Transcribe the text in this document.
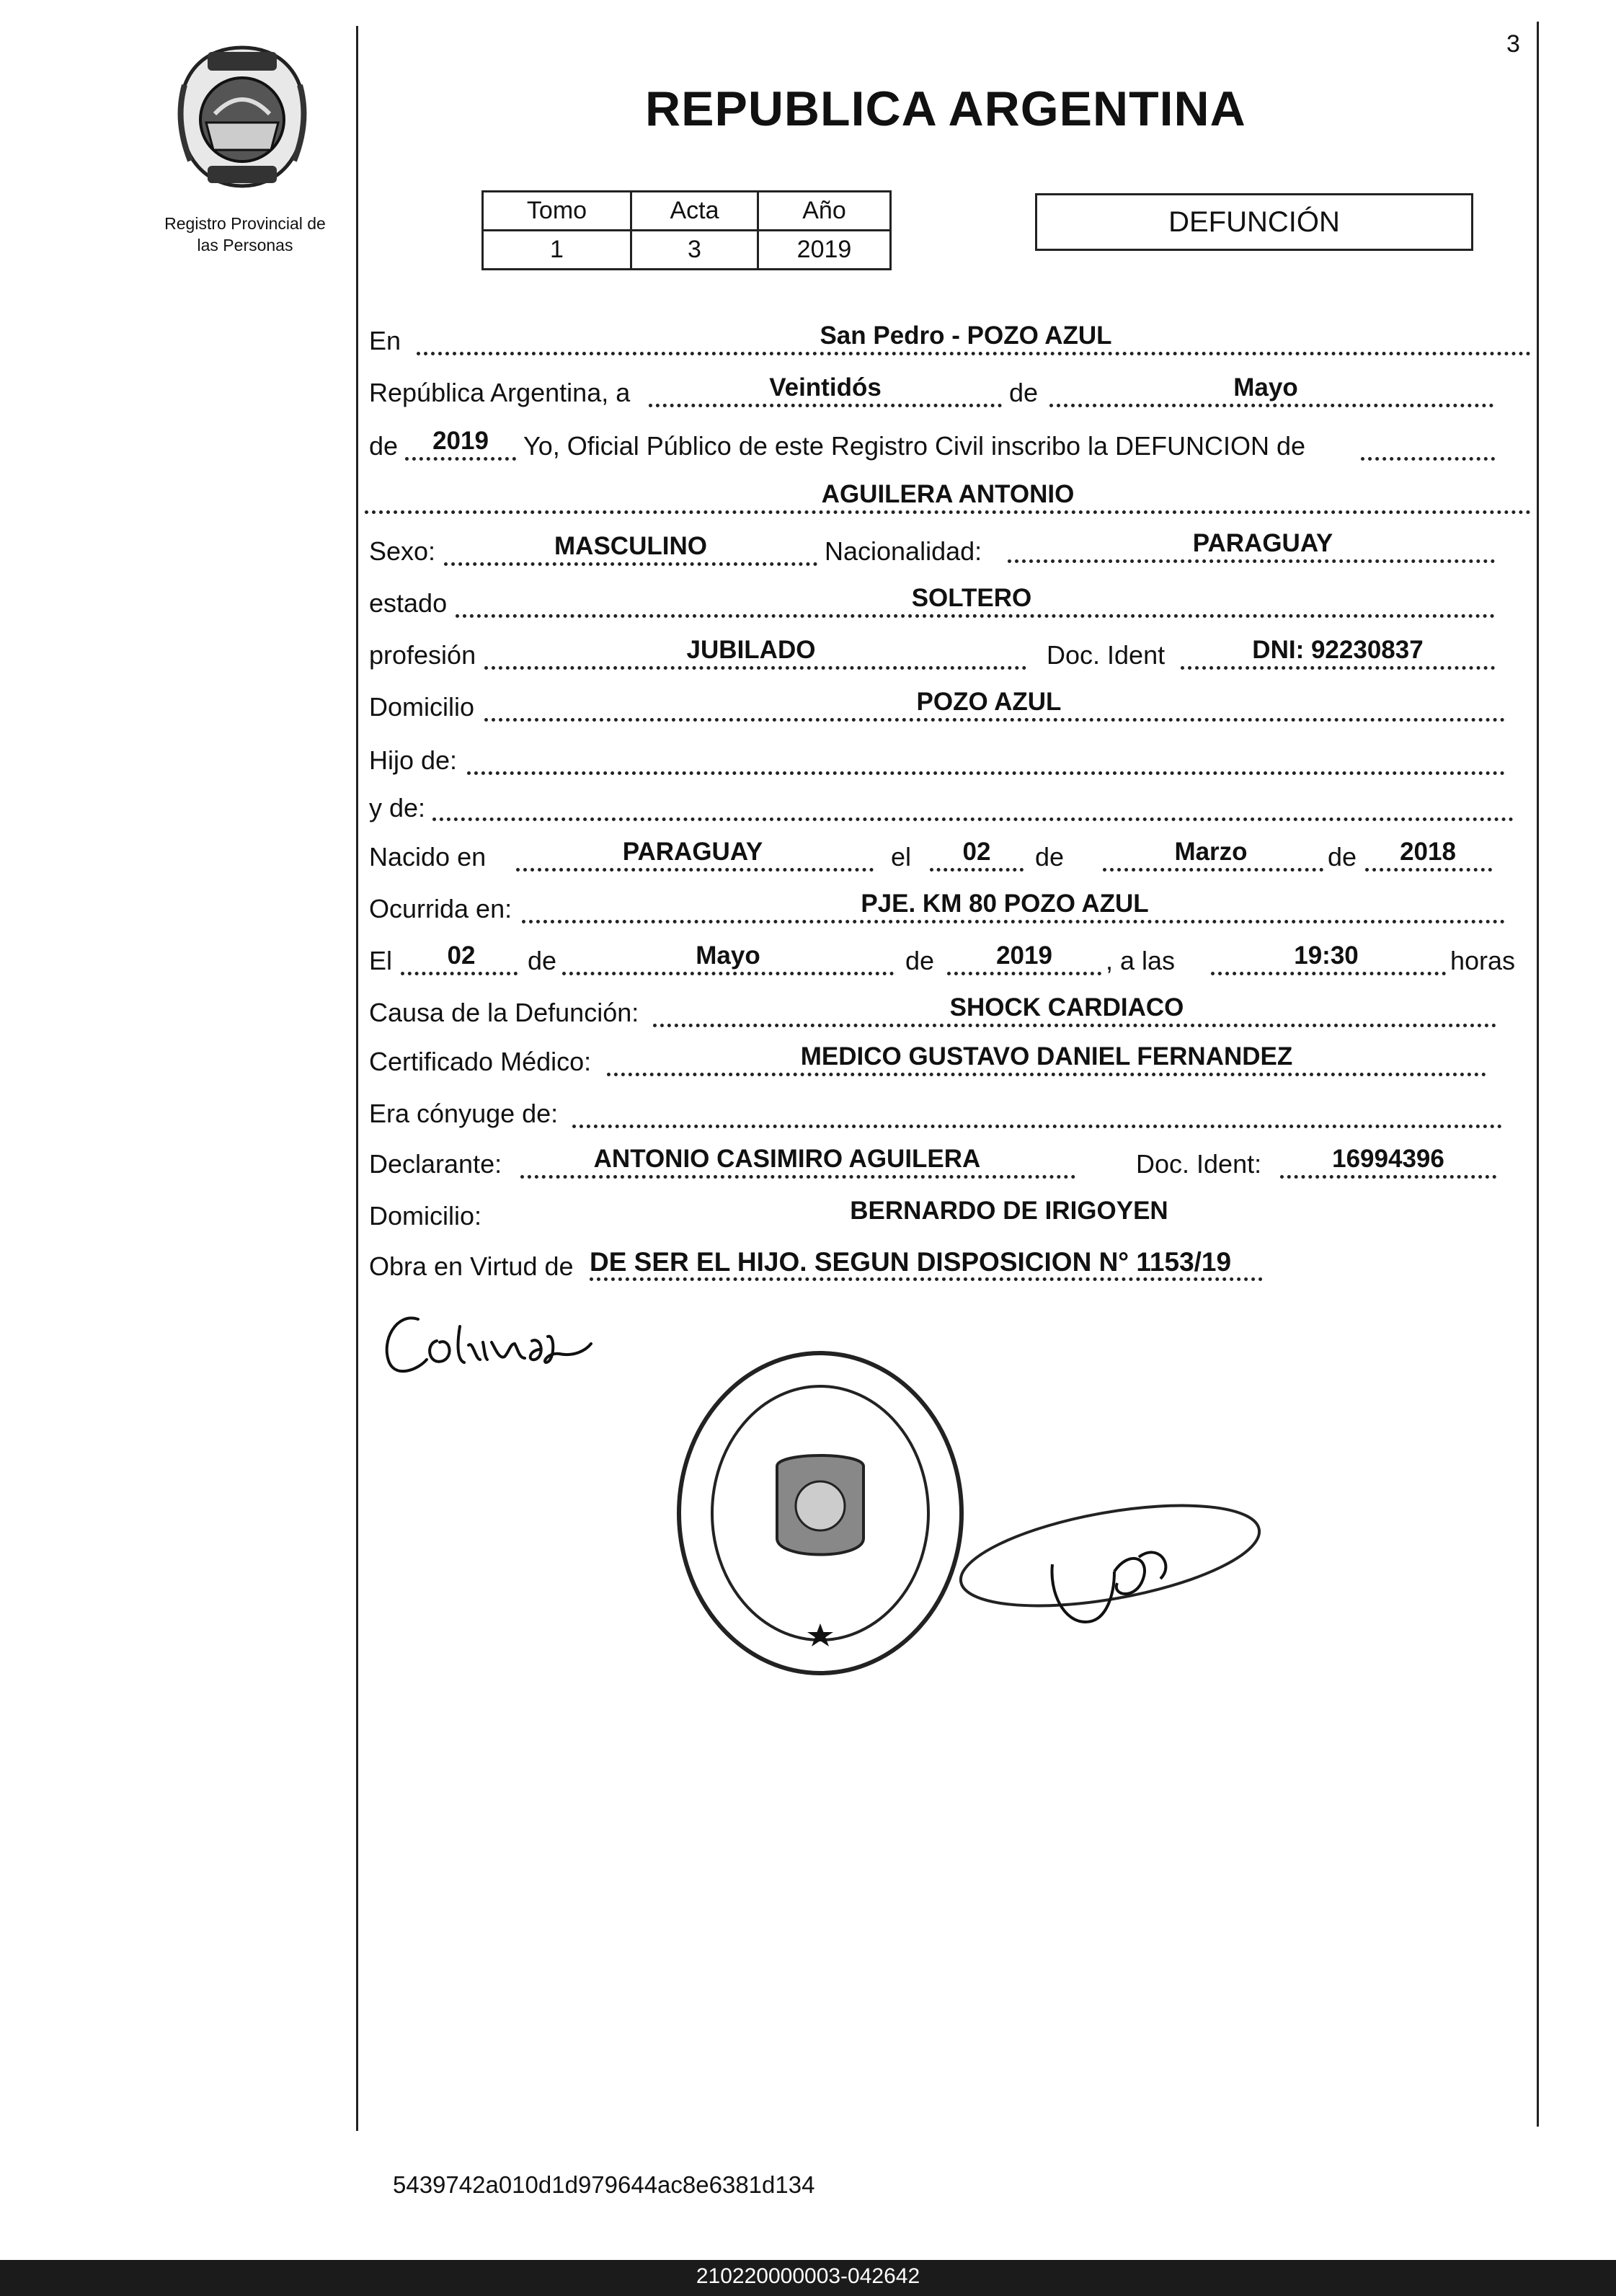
3
REPUBLICA ARGENTINA
Registro Provincial de
las Personas
Tomo	Acta	Año
1	3	2019
DEFUNCIÓN
En	San Pedro - POZO AZUL
República Argentina, a	Veintidós	de	Mayo
de	2019	Yo, Oficial Público de este Registro Civil inscribo la DEFUNCION de
AGUILERA ANTONIO
Sexo:	MASCULINO	Nacionalidad:	PARAGUAY
estado	SOLTERO
profesión	JUBILADO	Doc. Ident	DNI: 92230837
Domicilio	POZO AZUL
Hijo de:
y de:
Nacido en	PARAGUAY	el	02	de	Marzo	de	2018
Ocurrida en:	PJE. KM 80 POZO AZUL
El	02	de	Mayo	de	2019	, a las	19:30	horas
Causa de la Defunción:	SHOCK CARDIACO
Certificado Médico:	MEDICO GUSTAVO DANIEL FERNANDEZ
Era cónyuge de:
Declarante:	ANTONIO CASIMIRO AGUILERA	Doc. Ident:	16994396
Domicilio:	BERNARDO DE IRIGOYEN
Obra en Virtud de DE SER EL HIJO. SEGUN DISPOSICION N° 1153/19
5439742a010d1d979644ac8e6381d134
210220000003-042642
